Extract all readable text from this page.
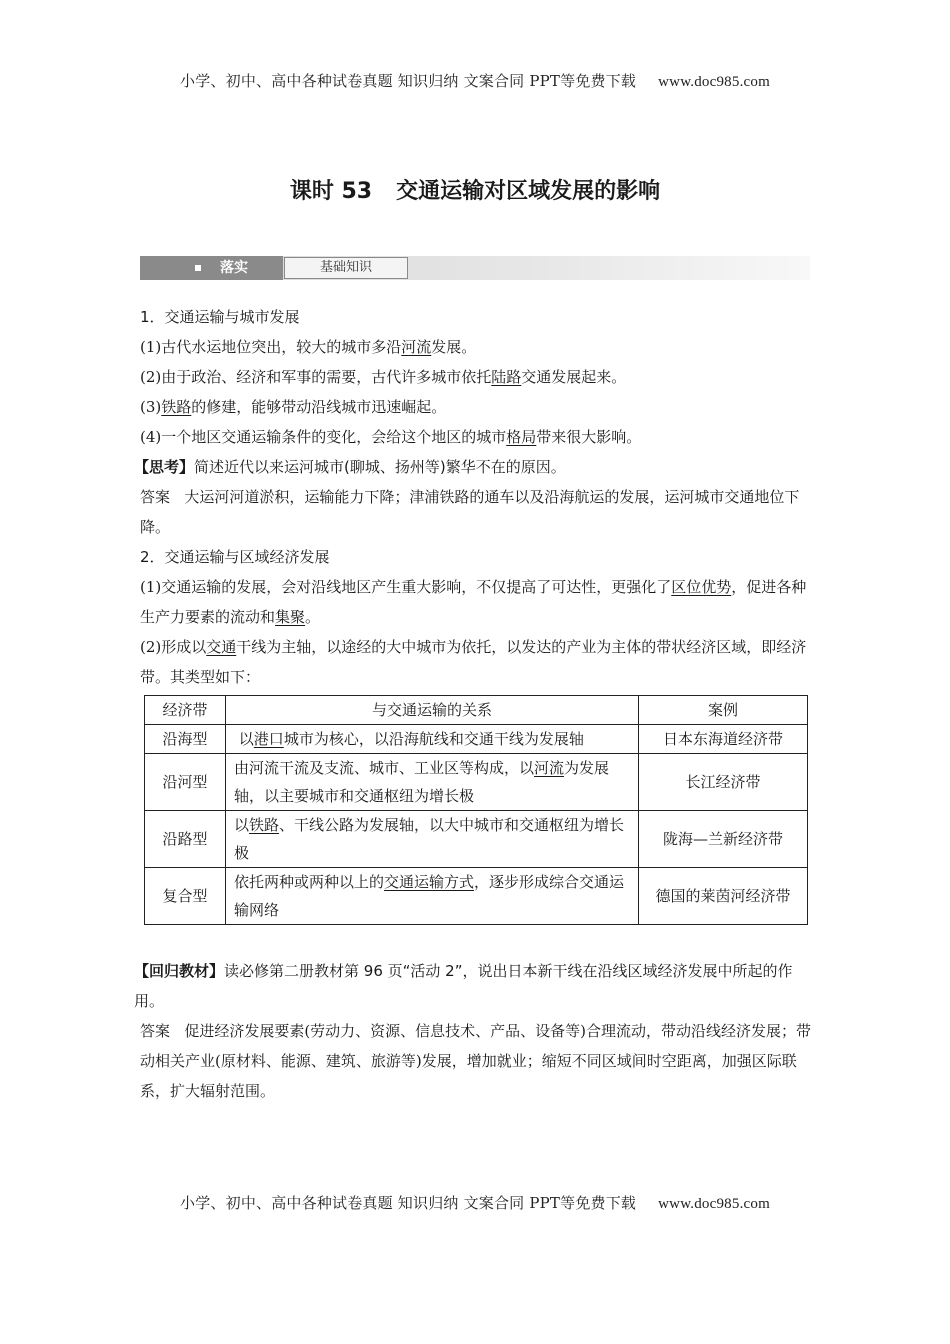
小学、初中、高中各种试卷真题 知识归纳 文案合同 PPT等免费下载 www.doc985.com
课时 53 交通运输对区域发展的影响
落实	基础知识

1．交通运输与城市发展

(1)古代水运地位突出，较大的城市多沿河流发展。

(2)由于政治、经济和军事的需要，古代许多城市依托陆路交通发展起来。

(3)铁路的修建，能够带动沿线城市迅速崛起。

(4)一个地区交通运输条件的变化，会给这个地区的城市格局带来很大影响。

【思考】简述近代以来运河城市(聊城、扬州等)繁华不在的原因。

答案 大运河河道淤积，运输能力下降；津浦铁路的通车以及沿海航运的发展，运河城市交通地位下降。

2．交通运输与区域经济发展

(1)交通运输的发展，会对沿线地区产生重大影响，不仅提高了可达性，更强化了区位优势，促进各种生产力要素的流动和集聚。

(2)形成以交通干线为主轴，以途经的大中城市为依托，以发达的产业为主体的带状经济区域，即经济带。其类型如下：

经济带	与交通运输的关系	案例
沿海型	以港口城市为核心，以沿海航线和交通干线为发展轴	日本东海道经济带
沿河型	由河流干流及支流、城市、工业区等构成，以河流为发展轴，以主要城市和交通枢纽为增长极	长江经济带
沿路型	以铁路、干线公路为发展轴，以大中城市和交通枢纽为增长极	陇海—兰新经济带
复合型	依托两种或两种以上的交通运输方式，逐步形成综合交通运输网络	德国的莱茵河经济带

【回归教材】读必修第二册教材第 96 页“活动 2”，说出日本新干线在沿线区域经济发展中所起的作用。

答案 促进经济发展要素(劳动力、资源、信息技术、产品、设备等)合理流动，带动沿线经济发展；带动相关产业(原材料、能源、建筑、旅游等)发展，增加就业；缩短不同区域间时空距离，加强区际联系，扩大辐射范围。

小学、初中、高中各种试卷真题 知识归纳 文案合同 PPT等免费下载 www.doc985.com
